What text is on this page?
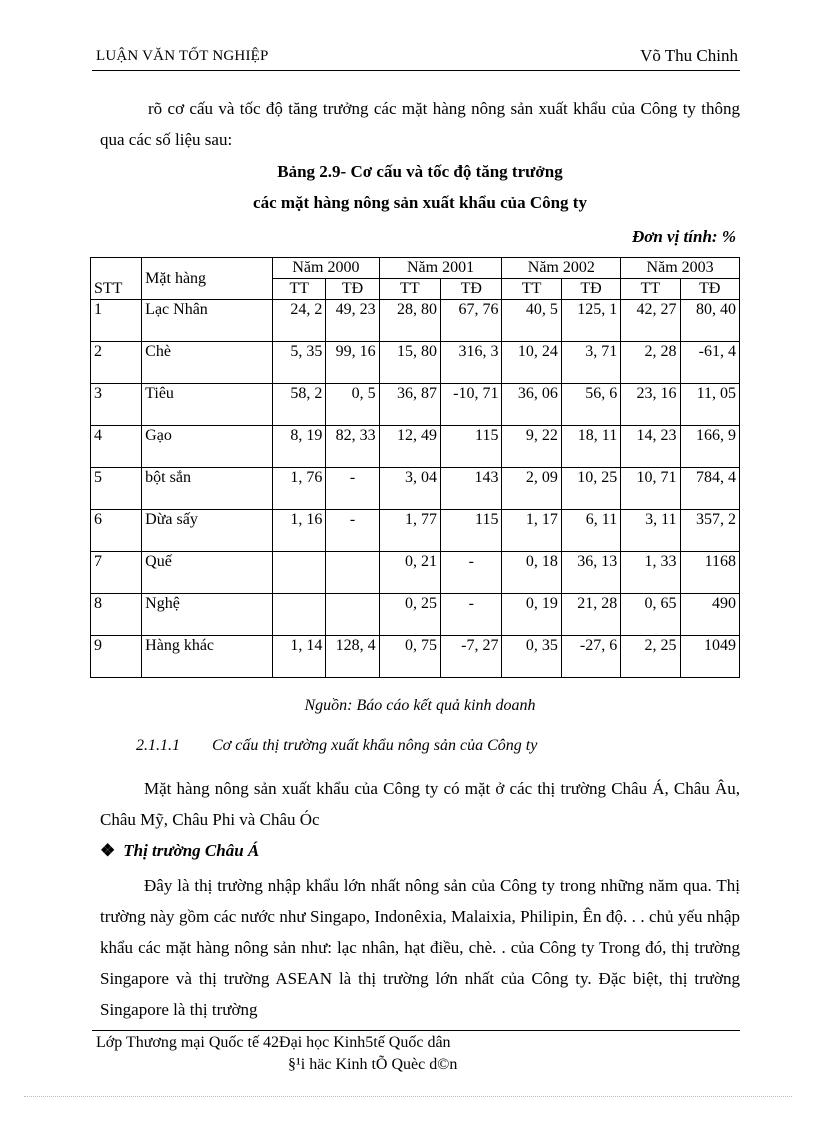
LUẬN VĂN TỐT NGHIỆP	Võ Thu Chinh
rõ cơ cấu và tốc độ tăng trưởng các mặt hàng nông sản xuất khẩu của Công ty thông qua các số liệu sau:
Bảng 2.9- Cơ cấu và tốc độ tăng trưởng
các mặt hàng nông sản xuất khẩu của Công ty
Đơn vị tính: %
STT	Mặt hàng	Năm 2000		Năm 2001		Năm 2002		Năm 2003	
		TT	TĐ	TT	TĐ	TT	TĐ	TT	TĐ
1	Lạc Nhân	24, 2	49, 23	28, 80	67, 76	40, 5	125, 1	42, 27	80, 40
2	Chè	5, 35	99, 16	15, 80	316, 3	10, 24	3, 71	2, 28	-61, 4
3	Tiêu	58, 2	0, 5	36, 87	-10, 71	36, 06	56, 6	23, 16	11, 05
4	Gạo	8, 19	82, 33	12, 49	115	9, 22	18, 11	14, 23	166, 9
5	bột sắn	1, 76	-	3, 04	143	2, 09	10, 25	10, 71	784, 4
6	Dừa sấy	1, 16	-	1, 77	115	1, 17	6, 11	3, 11	357, 2
7	Quế			0, 21	-	0, 18	36, 13	1, 33	1168
8	Nghệ			0, 25	-	0, 19	21, 28	0, 65	490
9	Hàng khác	1, 14	128, 4	0, 75	-7, 27	0, 35	-27, 6	2, 25	1049
Nguồn: Báo cáo kết quả kinh doanh
2.1.1.1 Cơ cấu thị trường xuất khẩu nông sản của Công ty
Mặt hàng nông sản xuất khẩu của Công ty có mặt ở các thị trường Châu Á, Châu Âu, Châu Mỹ, Châu Phi và Châu Óc
❖ Thị trường Châu Á
Đây là thị trường nhập khẩu lớn nhất nông sản của Công ty trong những năm qua. Thị trường này gồm các nước như Singapo, Indonêxia, Malaixia, Philipin, Ên độ. . . chủ yếu nhập khẩu các mặt hàng nông sản như: lạc nhân, hạt điều, chè. . của Công ty Trong đó, thị trường Singapore và thị trường ASEAN là thị trường lớn nhất của Công ty. Đặc biệt, thị trường Singapore là thị trường
Lớp Thương mại Quốc tế 42Đại học Kinh5tế Quốc dân
§¹i häc Kinh tÕ Quèc d©n
